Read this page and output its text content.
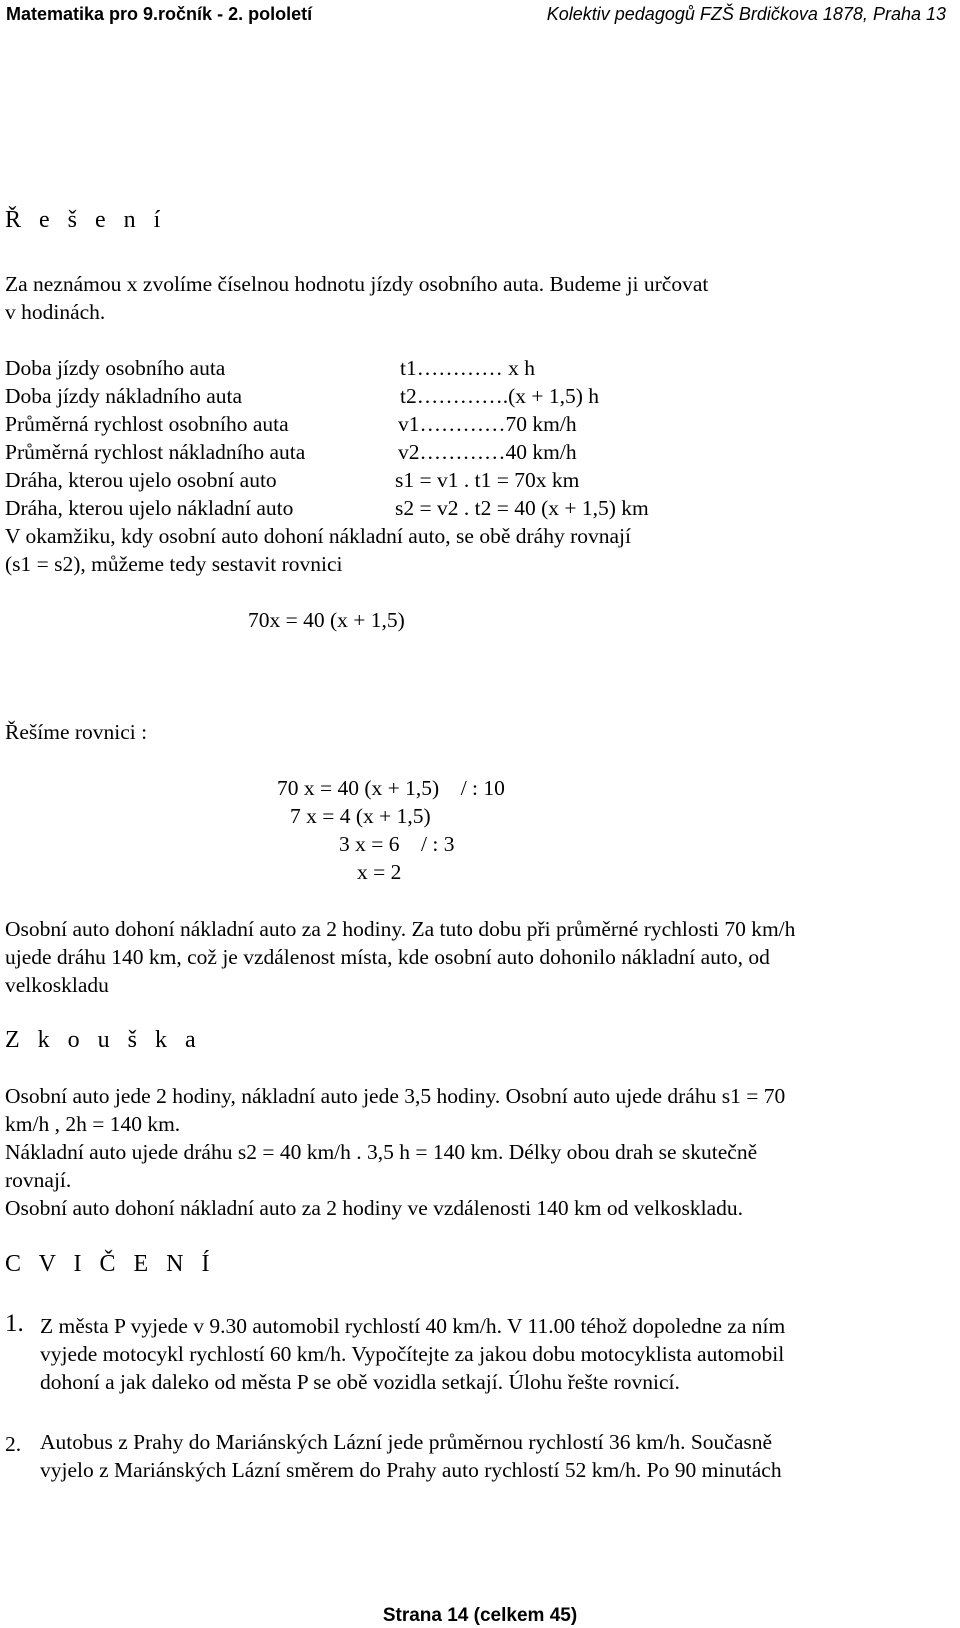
Matematika pro 9.ročník - 2. pololetí	Kolektiv pedagogů FZŠ Brdičkova 1878, Praha 13
Ř e š e n í
Za neznámou x zvolíme číselnou hodnotu jízdy osobního auta. Budeme ji určovat
v hodinách.
Doba jízdy osobního auta	t1………… x h
Doba jízdy nákladního auta	t2………….(x + 1,5) h
Průměrná rychlost osobního auta	v1…………70 km/h
Průměrná rychlost nákladního auta	v2…………40 km/h
Dráha, kterou ujelo osobní auto	s1 = v1 . t1 = 70x km
Dráha, kterou ujelo nákladní auto	s2 = v2 . t2 = 40 (x + 1,5) km
V okamžiku, kdy osobní auto dohoní nákladní auto, se obě dráhy rovnají
(s1 = s2), můžeme tedy sestavit rovnici
70x = 40 (x + 1,5)
Řešíme rovnici :
70 x = 40 (x + 1,5)    / : 10
7 x = 4 (x + 1,5)
3 x = 6    / : 3
x = 2
Osobní auto dohoní nákladní auto za 2 hodiny. Za tuto dobu při průměrné rychlosti 70 km/h
ujede dráhu 140 km, což je vzdálenost místa, kde osobní auto dohonilo nákladní auto, od
velkoskladu
Z k o u š k a
Osobní auto jede 2 hodiny, nákladní auto jede 3,5 hodiny. Osobní auto ujede dráhu s1 = 70
km/h , 2h = 140 km.
Nákladní auto ujede dráhu s2 = 40 km/h . 3,5 h = 140 km. Délky obou drah se skutečně
rovnají.
Osobní auto dohoní nákladní auto za 2 hodiny ve vzdálenosti 140 km od velkoskladu.
C V I Č E N Í
1. Z města P vyjede v 9.30 automobil rychlostí 40 km/h. V 11.00 téhož dopoledne za ním
vyjede motocykl rychlostí 60 km/h. Vypočítejte za jakou dobu motocyklista automobil
dohoní a jak daleko od města P se obě vozidla setkají. Úlohu řešte rovnicí.
2. Autobus z Prahy do Mariánských Lázní jede průměrnou rychlostí 36 km/h. Současně
vyjelo z Mariánských Lázní směrem do Prahy auto rychlostí 52 km/h. Po 90 minutách
Strana 14 (celkem 45)
